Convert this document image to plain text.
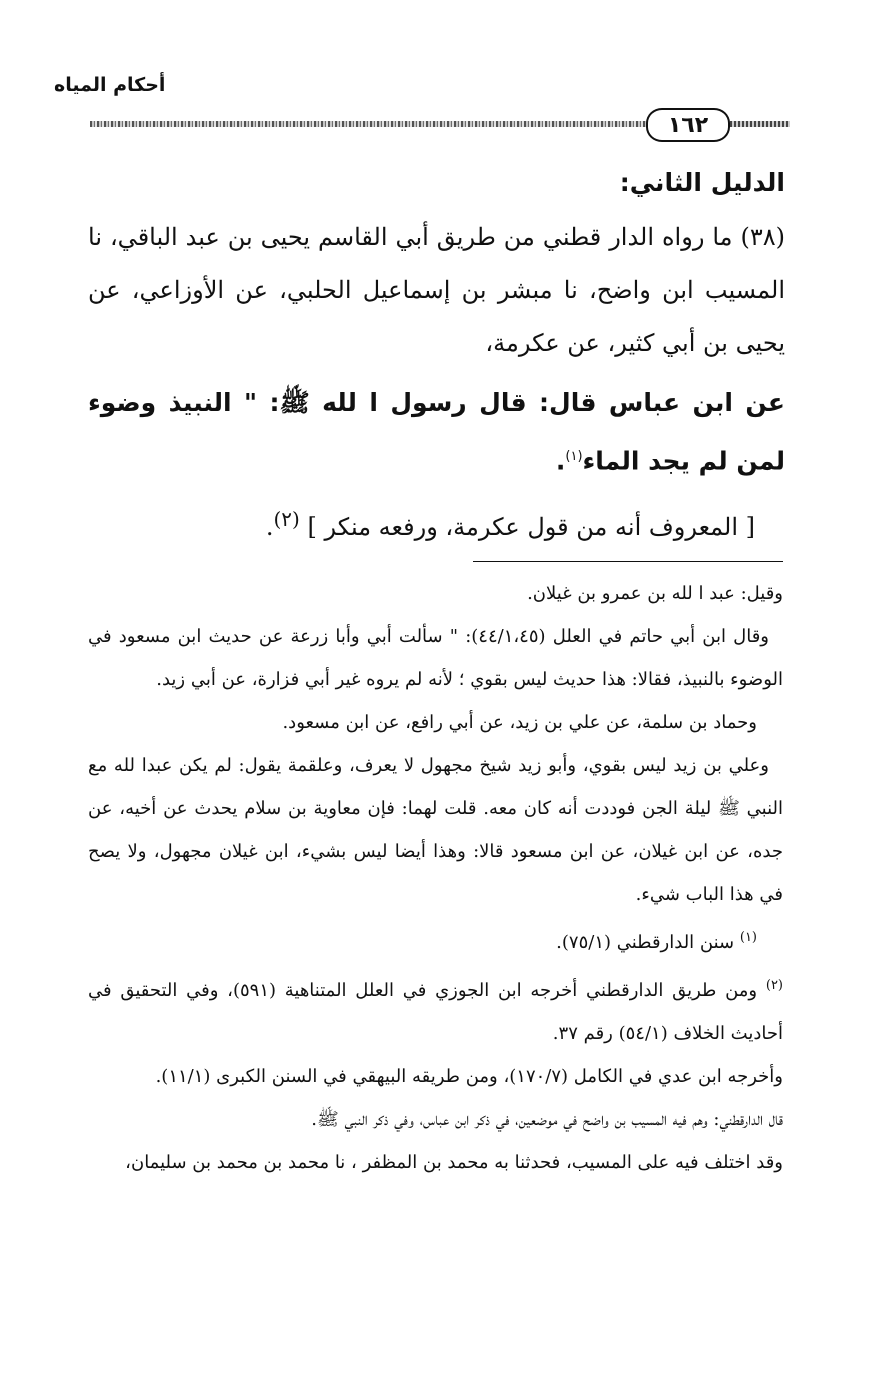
أحكام المياه
١٦٢
الدليل الثاني:

(٣٨) ما رواه الدار قطني من طريق أبي القاسم يحيى بن عبد الباقي، نا المسيب ابن واضح، نا مبشر بن إسماعيل الحلبي، عن الأوزاعي، عن يحيى بن أبي كثير، عن عكرمة،

عن ابن عباس قال: قال رسول ا لله ﷺ: " النبيذ وضوء لمن لم يجد الماء$^{(١)}$.

[ المعروف أنه من قول عكرمة، ورفعه منكر ] $^{(٢)}$.

وقيل: عبد ا لله بن عمرو بن غيلان.

وقال ابن أبي حاتم في العلل (٤٤/١،٤٥): " سألت أبي وأبا زرعة عن حديث ابن مسعود في الوضوء بالنبيذ، فقالا: هذا حديث ليس بقوي ؛ لأنه لم يروه غير أبي فزارة، عن أبي زيد.

وحماد بن سلمة، عن علي بن زيد، عن أبي رافع، عن ابن مسعود.

وعلي بن زيد ليس بقوي، وأبو زيد شيخ مجهول لا يعرف، وعلقمة يقول: لم يكن عبدا لله مع النبي ﷺ ليلة الجن فوددت أنه كان معه. قلت لهما: فإن معاوية بن سلام يحدث عن أخيه، عن جده، عن ابن غيلان، عن ابن مسعود قالا: وهذا أيضا ليس بشيء، ابن غيلان مجهول، ولا يصح في هذا الباب شيء.

$^{(١)}$ سنن الدارقطني (٧٥/١).

$^{(٢)}$ ومن طريق الدارقطني أخرجه ابن الجوزي في العلل المتناهية (٥٩١)، وفي التحقيق في أحاديث الخلاف (٥٤/١) رقم ٣٧.

وأخرجه ابن عدي في الكامل (١٧٠/٧)، ومن طريقه البيهقي في السنن الكبرى (١١/١).

قال الدارقطني: وهم فيه المسيب بن واضح في موضعين، في ذكر ابن عباس، وفي ذكر النبي ﷺ.

وقد اختلف فيه على المسيب، فحدثنا به محمد بن المظفر ، نا محمد بن محمد بن سليمان،
